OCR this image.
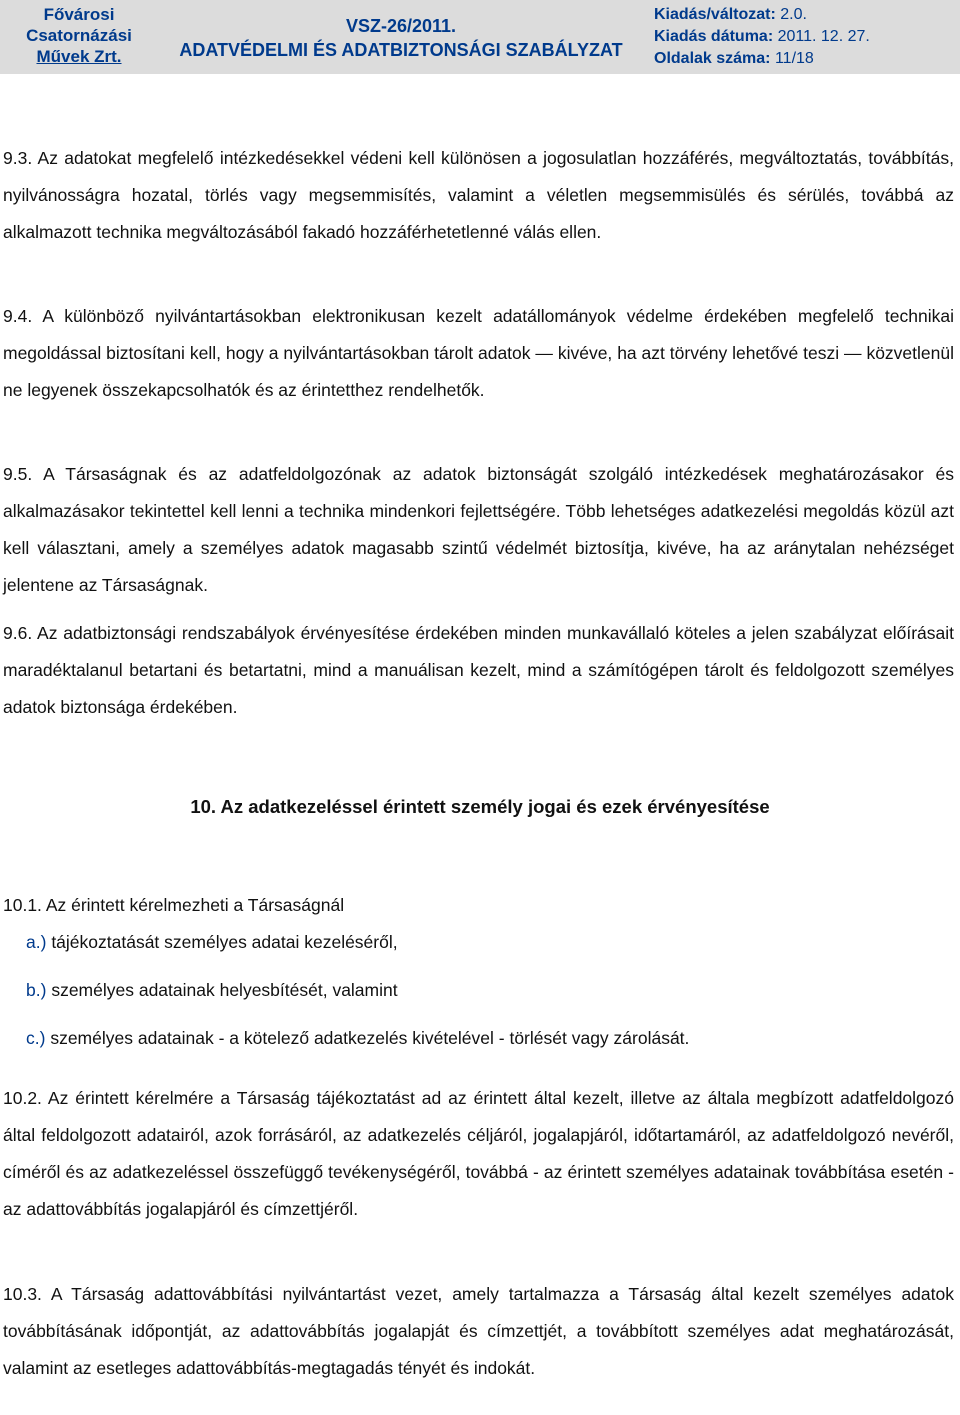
Fővárosi
Csatornázási
Művek Zrt.
VSZ-26/2011.
ADATVÉDELMI ÉS ADATBIZTONSÁGI SZABÁLYZAT
Kiadás/változat: 2.0.
Kiadás dátuma: 2011. 12. 27.
Oldalak száma: 11/18

9.3. Az adatokat megfelelő intézkedésekkel védeni kell különösen a jogosulatlan hozzáférés, megváltoztatás, továbbítás, nyilvánosságra hozatal, törlés vagy megsemmisítés, valamint a véletlen megsemmisülés és sérülés, továbbá az alkalmazott technika megváltozásából fakadó hozzáférhetetlenné válás ellen.

9.4. A különböző nyilvántartásokban elektronikusan kezelt adatállományok védelme érdekében megfelelő technikai megoldással biztosítani kell, hogy a nyilvántartásokban tárolt adatok ― kivéve, ha azt törvény lehetővé teszi ― közvetlenül ne legyenek összekapcsolhatók és az érintetthez rendelhetők.

9.5. A Társaságnak és az adatfeldolgozónak az adatok biztonságát szolgáló intézkedések meghatározásakor és alkalmazásakor tekintettel kell lenni a technika mindenkori fejlettségére. Több lehetséges adatkezelési megoldás közül azt kell választani, amely a személyes adatok magasabb szintű védelmét biztosítja, kivéve, ha az aránytalan nehézséget jelentene az Társaságnak.

9.6. Az adatbiztonsági rendszabályok érvényesítése érdekében minden munkavállaló köteles a jelen szabályzat előírásait maradéktalanul betartani és betartatni, mind a manuálisan kezelt, mind a számítógépen tárolt és feldolgozott személyes adatok biztonsága érdekében.

10. Az adatkezeléssel érintett személy jogai és ezek érvényesítése

10.1. Az érintett kérelmezheti a Társaságnál

a.) tájékoztatását személyes adatai kezeléséről,

b.) személyes adatainak helyesbítését, valamint

c.) személyes adatainak - a kötelező adatkezelés kivételével - törlését vagy zárolását.

10.2. Az érintett kérelmére a Társaság tájékoztatást ad az érintett által kezelt, illetve az általa megbízott adatfeldolgozó által feldolgozott adatairól, azok forrásáról, az adatkezelés céljáról, jogalapjáról, időtartamáról, az adatfeldolgozó nevéről, címéről és az adatkezeléssel összefüggő tevékenységéről, továbbá - az érintett személyes adatainak továbbítása esetén - az adattovábbítás jogalapjáról és címzettjéről.

10.3. A Társaság adattovábbítási nyilvántartást vezet, amely tartalmazza a Társaság által kezelt személyes adatok továbbításának időpontját, az adattovábbítás jogalapját és címzettjét, a továbbított személyes adat meghatározását, valamint az esetleges adattovábbítás-megtagadás tényét és indokát.
